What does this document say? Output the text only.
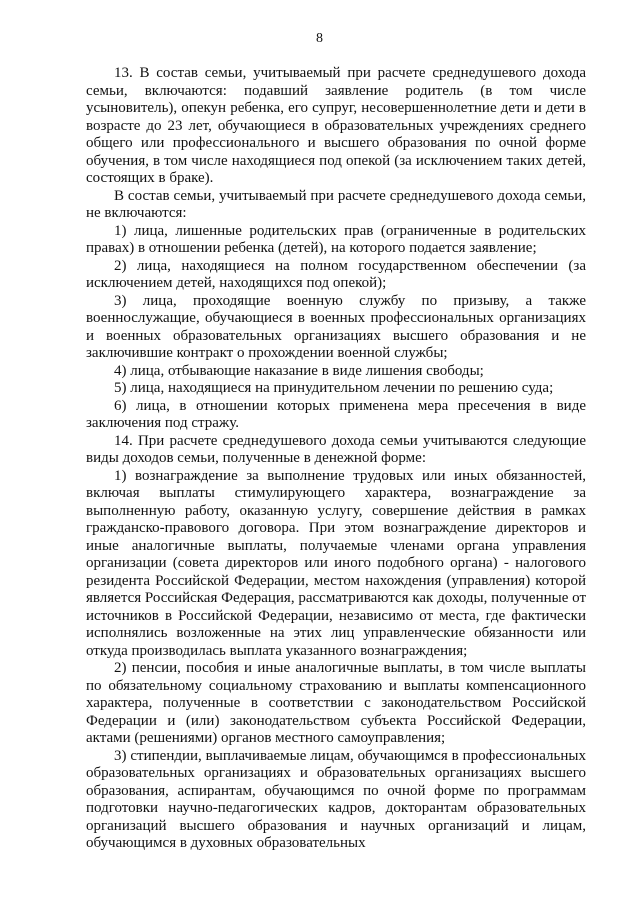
8

13. В состав семьи, учитываемый при расчете среднедушевого дохода семьи, включаются: подавший заявление родитель (в том числе усыновитель), опекун ребенка, его супруг, несовершеннолетние дети и дети в возрасте до 23 лет, обучающиеся в образовательных учреждениях среднего общего или профессионального и высшего образования по очной форме обучения, в том числе находящиеся под опекой (за исключением таких детей, состоящих в браке).

В состав семьи, учитываемый при расчете среднедушевого дохода семьи, не включаются:

1) лица, лишенные родительских прав (ограниченные в родительских правах) в отношении ребенка (детей), на которого подается заявление;

2) лица, находящиеся на полном государственном обеспечении (за исключением детей, находящихся под опекой);

3) лица, проходящие военную службу по призыву, а также военнослужащие, обучающиеся в военных профессиональных организациях и военных образовательных организациях высшего образования и не заключившие контракт о прохождении военной службы;

4) лица, отбывающие наказание в виде лишения свободы;

5) лица, находящиеся на принудительном лечении по решению суда;

6) лица, в отношении которых применена мера пресечения в виде заключения под стражу.

14. При расчете среднедушевого дохода семьи учитываются следующие виды доходов семьи, полученные в денежной форме:

1) вознаграждение за выполнение трудовых или иных обязанностей, включая выплаты стимулирующего характера, вознаграждение за выполненную работу, оказанную услугу, совершение действия в рамках гражданско-правового договора. При этом вознаграждение директоров и иные аналогичные выплаты, получаемые членами органа управления организации (совета директоров или иного подобного органа) - налогового резидента Российской Федерации, местом нахождения (управления) которой является Российская Федерация, рассматриваются как доходы, полученные от источников в Российской Федерации, независимо от места, где фактически исполнялись возложенные на этих лиц управленческие обязанности или откуда производилась выплата указанного вознаграждения;

2) пенсии, пособия и иные аналогичные выплаты, в том числе выплаты по обязательному социальному страхованию и выплаты компенсационного характера, полученные в соответствии с законодательством Российской Федерации и (или) законодательством субъекта Российской Федерации, актами (решениями) органов местного самоуправления;

3) стипендии, выплачиваемые лицам, обучающимся в профессиональных образовательных организациях и образовательных организациях высшего образования, аспирантам, обучающимся по очной форме по программам подготовки научно-педагогических кадров, докторантам образовательных организаций высшего образования и научных организаций и лицам, обучающимся в духовных образовательных
